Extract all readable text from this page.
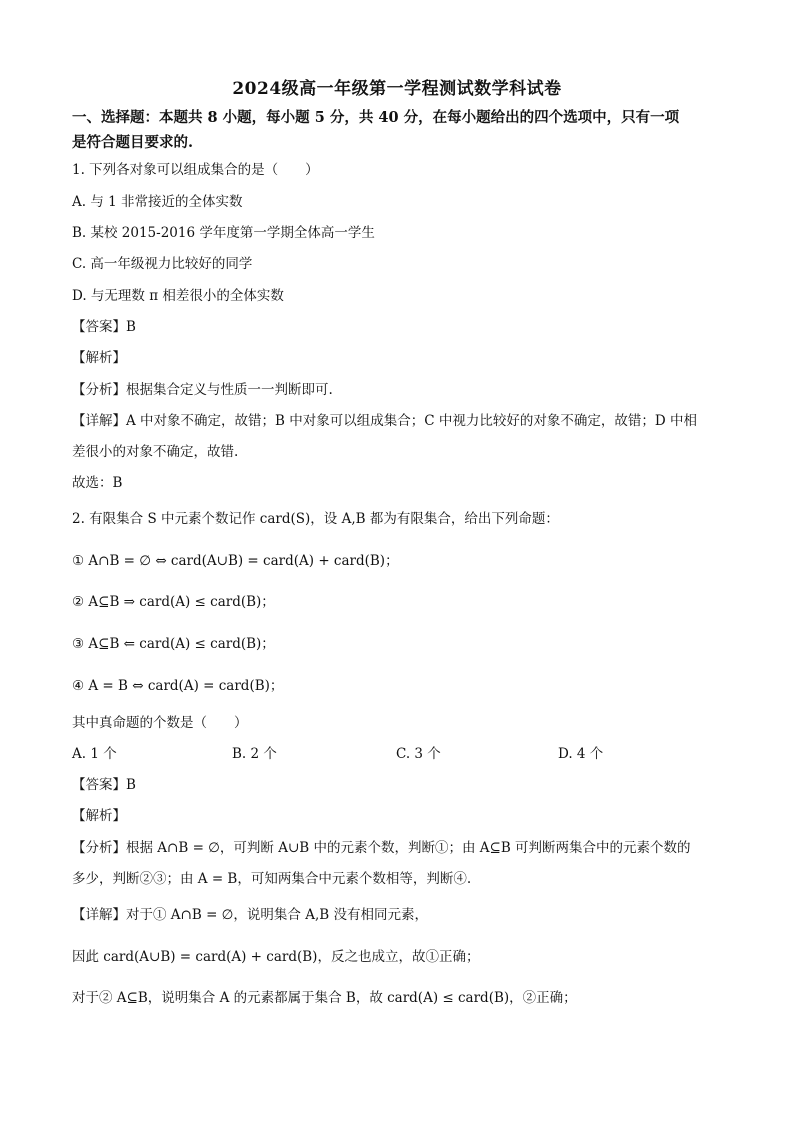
2024级高一年级第一学程测试数学科试卷
一、选择题：本题共 8 小题，每小题 5 分，共 40 分，在每小题给出的四个选项中，只有一项
是符合题目要求的.
1. 下列各对象可以组成集合的是（　　）
A. 与 1 非常接近的全体实数
B. 某校 2015-2016 学年度第一学期全体高一学生
C. 高一年级视力比较好的同学
D. 与无理数 π 相差很小的全体实数
【答案】B
【解析】
【分析】根据集合定义与性质一一判断即可.
【详解】A 中对象不确定，故错；B 中对象可以组成集合；C 中视力比较好的对象不确定，故错；D 中相
差很小的对象不确定，故错.
故选：B
2. 有限集合 S 中元素个数记作 card(S)，设 A,B 都为有限集合，给出下列命题：
① A∩B = ∅ ⇔ card(A∪B) = card(A) + card(B)；
② A⊆B ⇒ card(A) ≤ card(B)；
③ A⊆B ⇐ card(A) ≤ card(B)；
④ A = B ⇔ card(A) = card(B)；
其中真命题的个数是（　　）
A. 1 个	B. 2 个	C. 3 个	D. 4 个
【答案】B
【解析】
【分析】根据 A∩B = ∅，可判断 A∪B 中的元素个数，判断①；由 A⊆B 可判断两集合中的元素个数的
多少，判断②③；由 A = B，可知两集合中元素个数相等，判断④.
【详解】对于① A∩B = ∅，说明集合 A,B 没有相同元素，
因此 card(A∪B) = card(A) + card(B)，反之也成立，故①正确；
对于② A⊆B，说明集合 A 的元素都属于集合 B，故 card(A) ≤ card(B)，②正确；
